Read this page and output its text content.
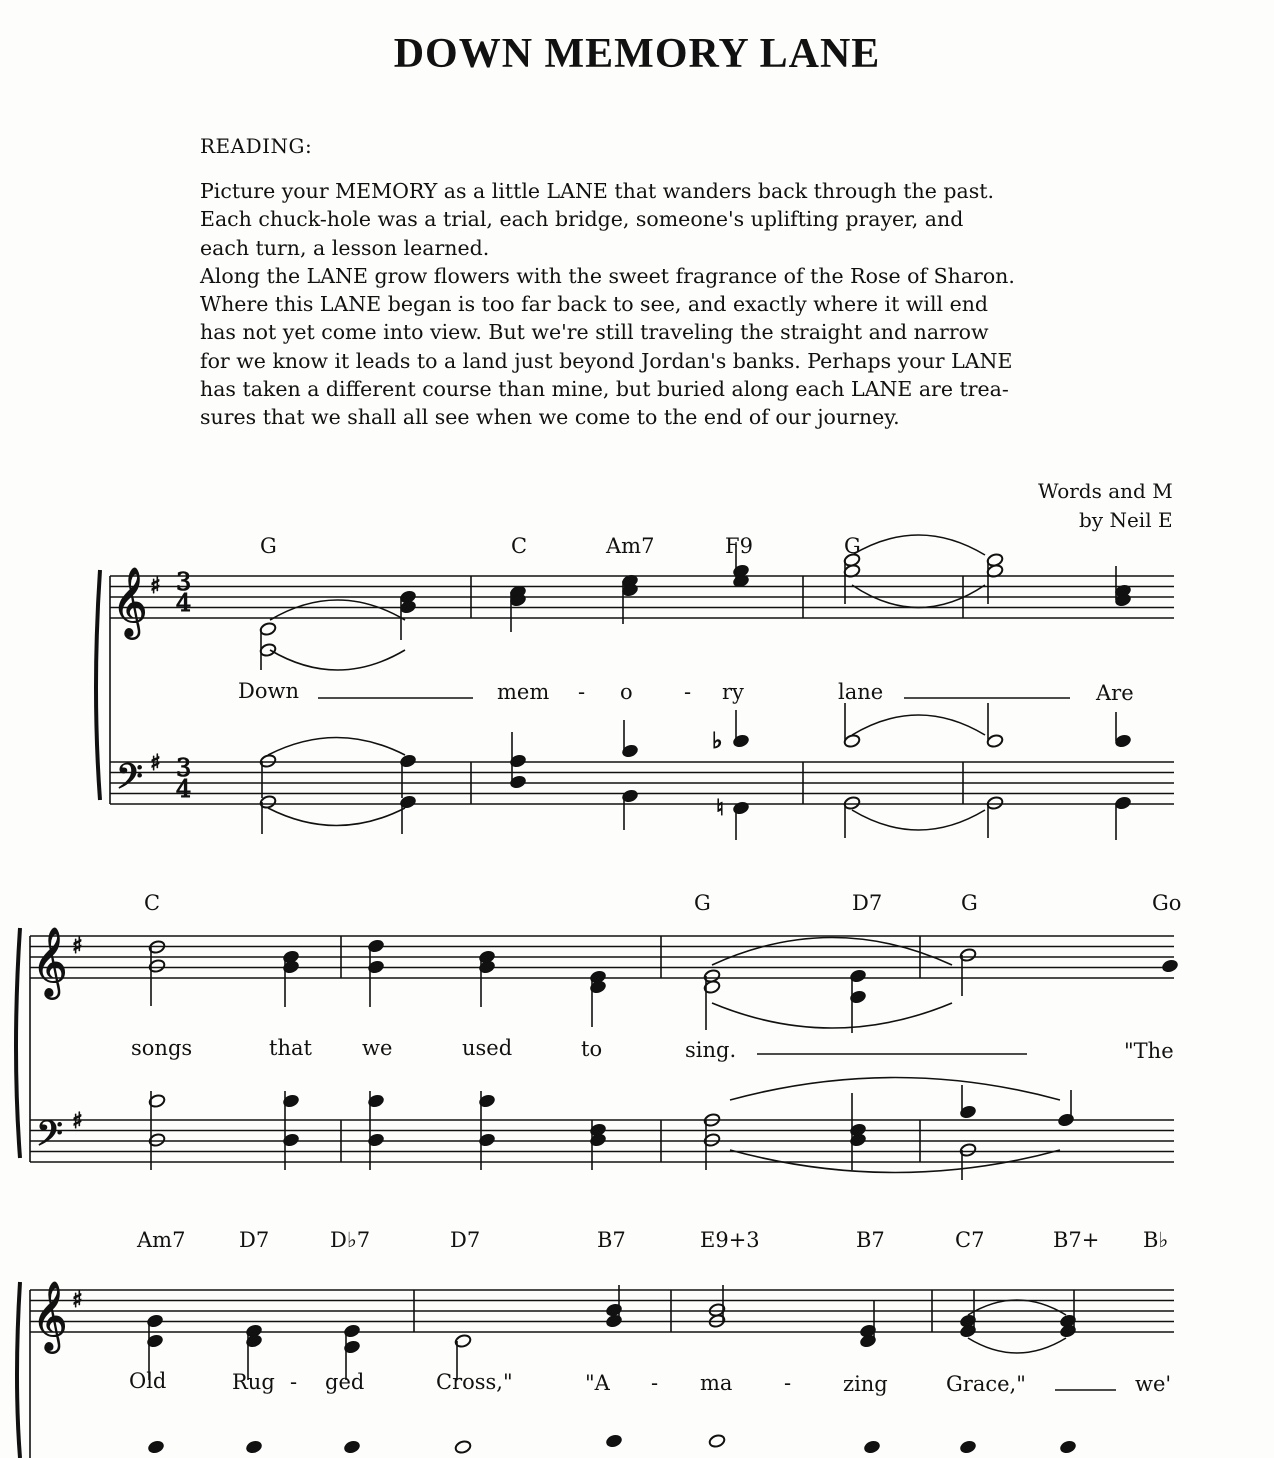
DOWN MEMORY LANE
READING:
Picture your MEMORY as a little LANE that wanders back through the past.
Each chuck-hole was a trial, each bridge, someone's uplifting prayer, and
each turn, a lesson learned.
Along the LANE grow flowers with the sweet fragrance of the Rose of Sharon.
Where this LANE began is too far back to see, and exactly where it will end
has not yet come into view. But we're still traveling the straight and narrow
for we know it leads to a land just beyond Jordan's banks. Perhaps your LANE
has taken a different course than mine, but buried along each LANE are trea-
sures that we shall all see when we come to the end of our journey.
Words and M
by Neil E
𝄞
𝄢
♯
♯
3
4
3
4
♭
♮
𝄞
𝄢
♯
♯
𝄞 ♯
G	C	Am7	F9	G
Down	mem - o - ry	lane	Are
C	G	D7	G	Go
songs	that we	used	to	sing.	"The
Am7	D7	D♭7	D7	B7	E9+3	B7	C7	B7+ B♭
Old	Rug - ged	Cross,"	"A - ma - zing	Grace,"	we'
